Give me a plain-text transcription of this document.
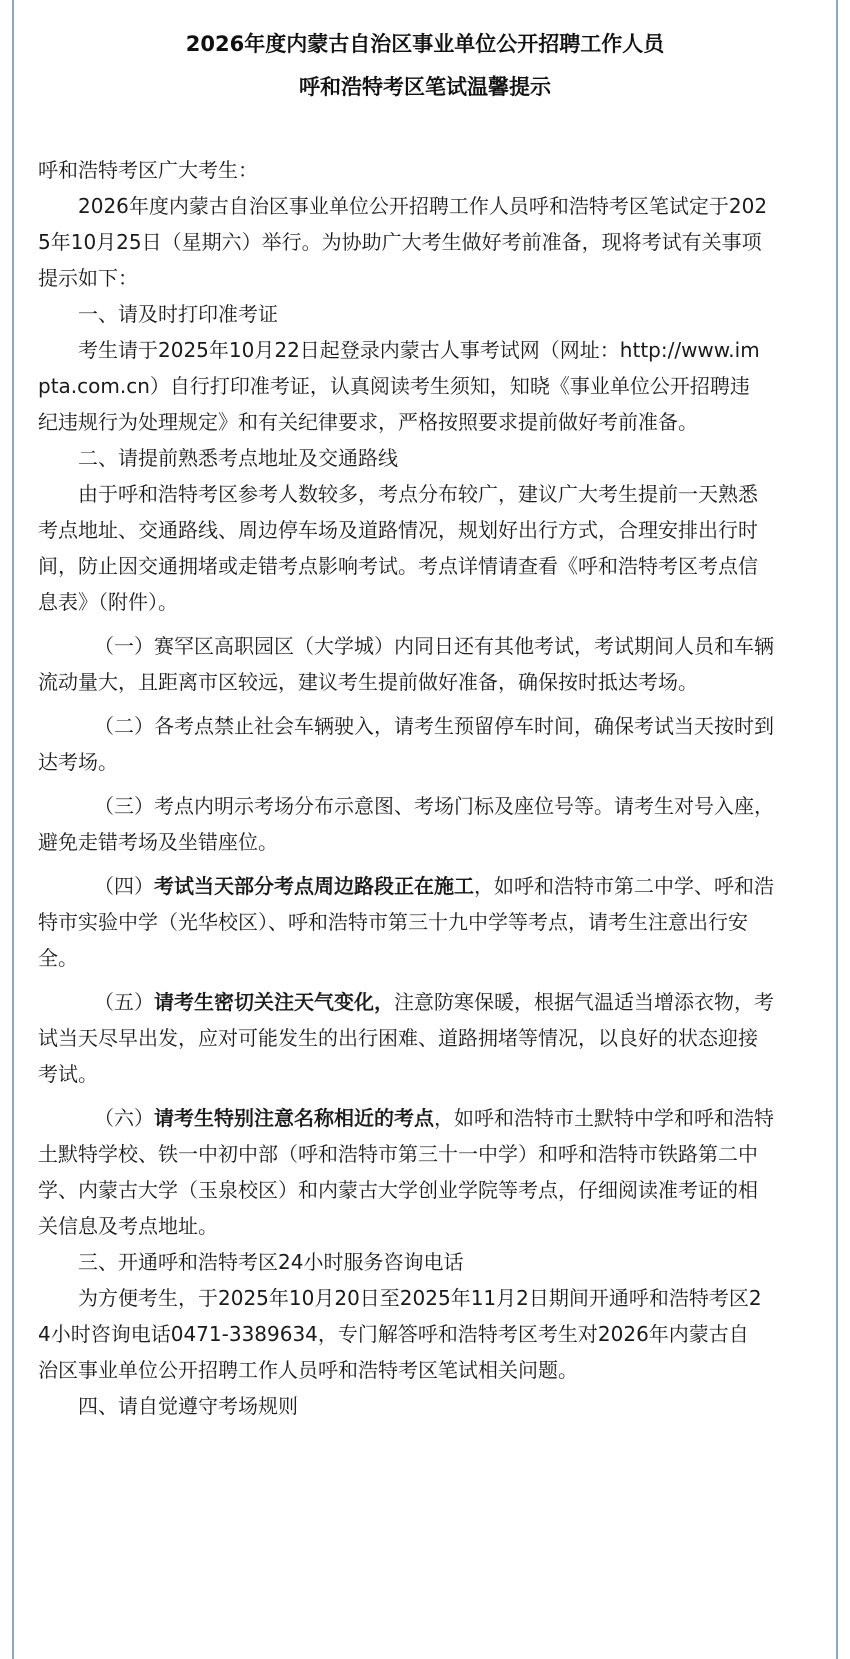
2026年度内蒙古自治区事业单位公开招聘工作人员
呼和浩特考区笔试温馨提示

呼和浩特考区广大考生：

2026年度内蒙古自治区事业单位公开招聘工作人员呼和浩特考区笔试定于202

5年10月25日（星期六）举行。为协助广大考生做好考前准备，现将考试有关事项

提示如下：

一、请及时打印准考证

考生请于2025年10月22日起登录内蒙古人事考试网（网址：http://www.im

pta.com.cn）自行打印准考证，认真阅读考生须知，知晓《事业单位公开招聘违

纪违规行为处理规定》和有关纪律要求，严格按照要求提前做好考前准备。

二、请提前熟悉考点地址及交通路线

由于呼和浩特考区参考人数较多，考点分布较广，建议广大考生提前一天熟悉

考点地址、交通路线、周边停车场及道路情况，规划好出行方式，合理安排出行时

间，防止因交通拥堵或走错考点影响考试。考点详情请查看《呼和浩特考区考点信

息表》（附件）。

（一）赛罕区高职园区（大学城）内同日还有其他考试，考试期间人员和车辆

流动量大，且距离市区较远，建议考生提前做好准备，确保按时抵达考场。

（二）各考点禁止社会车辆驶入，请考生预留停车时间，确保考试当天按时到

达考场。

（三）考点内明示考场分布示意图、考场门标及座位号等。请考生对号入座，

避免走错考场及坐错座位。

（四）考试当天部分考点周边路段正在施工，如呼和浩特市第二中学、呼和浩

特市实验中学（光华校区）、呼和浩特市第三十九中学等考点，请考生注意出行安

全。

（五）请考生密切关注天气变化，注意防寒保暖，根据气温适当增添衣物，考

试当天尽早出发，应对可能发生的出行困难、道路拥堵等情况，以良好的状态迎接

考试。

（六）请考生特别注意名称相近的考点，如呼和浩特市土默特中学和呼和浩特

土默特学校、铁一中初中部（呼和浩特市第三十一中学）和呼和浩特市铁路第二中

学、内蒙古大学（玉泉校区）和内蒙古大学创业学院等考点，仔细阅读准考证的相

关信息及考点地址。

三、开通呼和浩特考区24小时服务咨询电话

为方便考生，于2025年10月20日至2025年11月2日期间开通呼和浩特考区2

4小时咨询电话0471-3389634，专门解答呼和浩特考区考生对2026年内蒙古自

治区事业单位公开招聘工作人员呼和浩特考区笔试相关问题。

四、请自觉遵守考场规则
